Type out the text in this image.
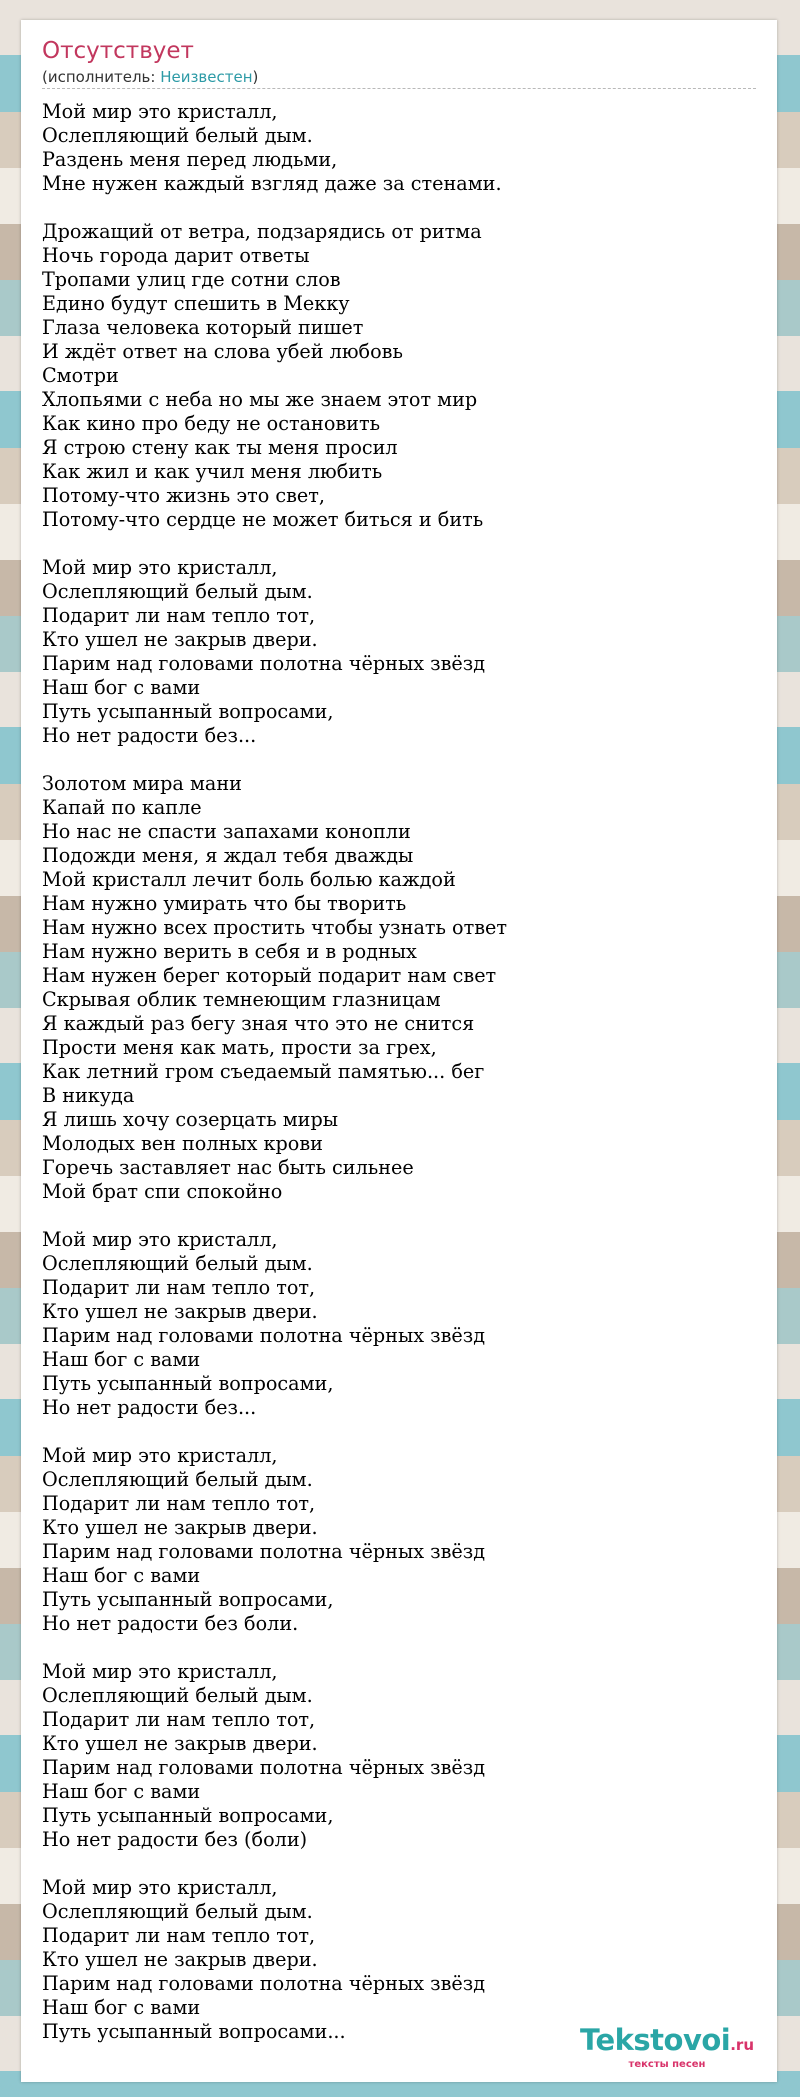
Отсутствует
(исполнитель: Неизвестен)
Мой мир это кристалл,
Ослепляющий белый дым.
Раздень меня перед людьми,
Мне нужен каждый взгляд даже за стенами.

Дрожащий от ветра, подзарядись от ритма
Ночь города дарит ответы
Тропами улиц где сотни слов
Едино будут спешить в Мекку
Глаза человека который пишет
И ждёт ответ на слова убей любовь
Смотри
Хлопьями с неба но мы же знаем этот мир
Как кино про беду не остановить
Я строю стену как ты меня просил
Как жил и как учил меня любить
Потому-что жизнь это свет,
Потому-что сердце не может биться и бить

Мой мир это кристалл,
Ослепляющий белый дым.
Подарит ли нам тепло тот,
Кто ушел не закрыв двери.
Парим над головами полотна чёрных звёзд
Наш бог с вами
Путь усыпанный вопросами,
Но нет радости без...

Золотом мира мани
Капай по капле
Но нас не спасти запахами конопли
Подожди меня, я ждал тебя дважды
Мой кристалл лечит боль болью каждой
Нам нужно умирать что бы творить
Нам нужно всех простить чтобы узнать ответ
Нам нужно верить в себя и в родных
Нам нужен берег который подарит нам свет
Скрывая облик темнеющим глазницам
Я каждый раз бегу зная что это не снится
Прости меня как мать, прости за грех,
Как летний гром съедаемый памятью... бег
В никуда
Я лишь хочу созерцать миры
Молодых вен полных крови
Горечь заставляет нас быть сильнее
Мой брат спи спокойно

Мой мир это кристалл,
Ослепляющий белый дым.
Подарит ли нам тепло тот,
Кто ушел не закрыв двери.
Парим над головами полотна чёрных звёзд
Наш бог с вами
Путь усыпанный вопросами,
Но нет радости без...

Мой мир это кристалл,
Ослепляющий белый дым.
Подарит ли нам тепло тот,
Кто ушел не закрыв двери.
Парим над головами полотна чёрных звёзд
Наш бог с вами
Путь усыпанный вопросами,
Но нет радости без боли.

Мой мир это кристалл,
Ослепляющий белый дым.
Подарит ли нам тепло тот,
Кто ушел не закрыв двери.
Парим над головами полотна чёрных звёзд
Наш бог с вами
Путь усыпанный вопросами,
Но нет радости без (боли)

Мой мир это кристалл,
Ослепляющий белый дым.
Подарит ли нам тепло тот,
Кто ушел не закрыв двери.
Парим над головами полотна чёрных звёзд
Наш бог с вами
Путь усыпанный вопросами...	Tekstovoi.ru
тексты песен
